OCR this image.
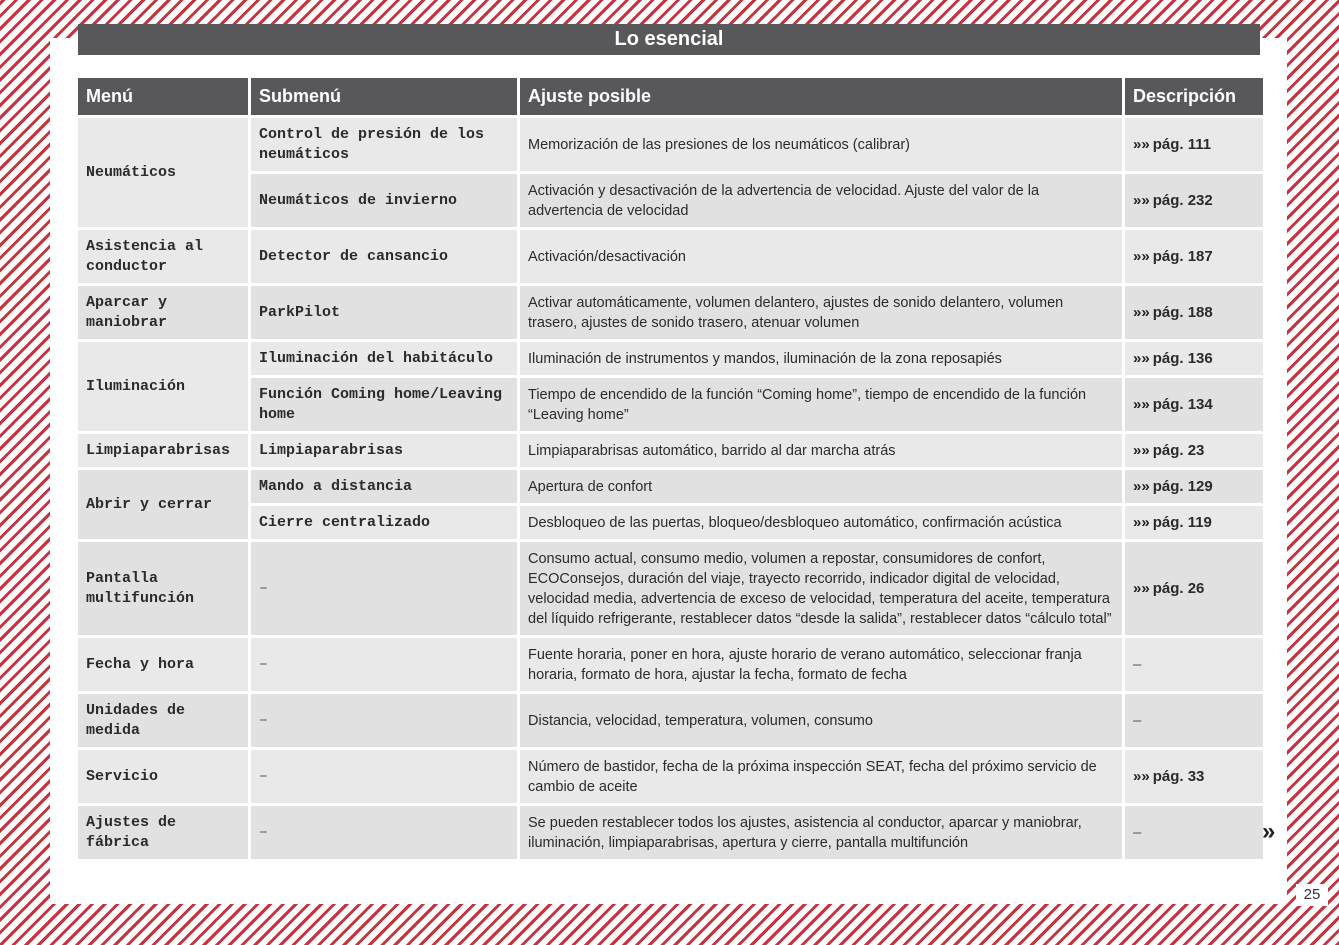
Lo esencial
Menú	Submenú	Ajuste posible	Descripción
Neumáticos	Control de presión de los neumáticos	Memorización de las presiones de los neumáticos (calibrar)	»» pág. 111
	Neumáticos de invierno	Activación y desactivación de la advertencia de velocidad. Ajuste del valor de la advertencia de velocidad	»» pág. 232
Asistencia al conductor	Detector de cansancio	Activación/desactivación	»» pág. 187
Aparcar y maniobrar	ParkPilot	Activar automáticamente, volumen delantero, ajustes de sonido delantero, volumen trasero, ajustes de sonido trasero, atenuar volumen	»» pág. 188
Iluminación	Iluminación del habitáculo	Iluminación de instrumentos y mandos, iluminación de la zona reposapiés	»» pág. 136
	Función Coming home/Leaving home	Tiempo de encendido de la función “Coming home”, tiempo de encendido de la función “Leaving home”	»» pág. 134
Limpiaparabrisas	Limpiaparabrisas	Limpiaparabrisas automático, barrido al dar marcha atrás	»» pág. 23
Abrir y cerrar	Mando a distancia	Apertura de confort	»» pág. 129
	Cierre centralizado	Desbloqueo de las puertas, bloqueo/desbloqueo automático, confirmación acústica	»» pág. 119
Pantalla multifunción	–	Consumo actual, consumo medio, volumen a repostar, consumidores de confort, ECOConsejos, duración del viaje, trayecto recorrido, indicador digital de velocidad, velocidad media, advertencia de exceso de velocidad, temperatura del aceite, temperatura del líquido refrigerante, restablecer datos “desde la salida”, restablecer datos “cálculo total”	»» pág. 26
Fecha y hora	–	Fuente horaria, poner en hora, ajuste horario de verano automático, seleccionar franja horaria, formato de hora, ajustar la fecha, formato de fecha	–
Unidades de medida	–	Distancia, velocidad, temperatura, volumen, consumo	–
Servicio	–	Número de bastidor, fecha de la próxima inspección SEAT, fecha del próximo servicio de cambio de aceite	»» pág. 33
Ajustes de fábrica	–	Se pueden restablecer todos los ajustes, asistencia al conductor, aparcar y maniobrar, iluminación, limpiaparabrisas, apertura y cierre, pantalla multifunción	–	»
25
